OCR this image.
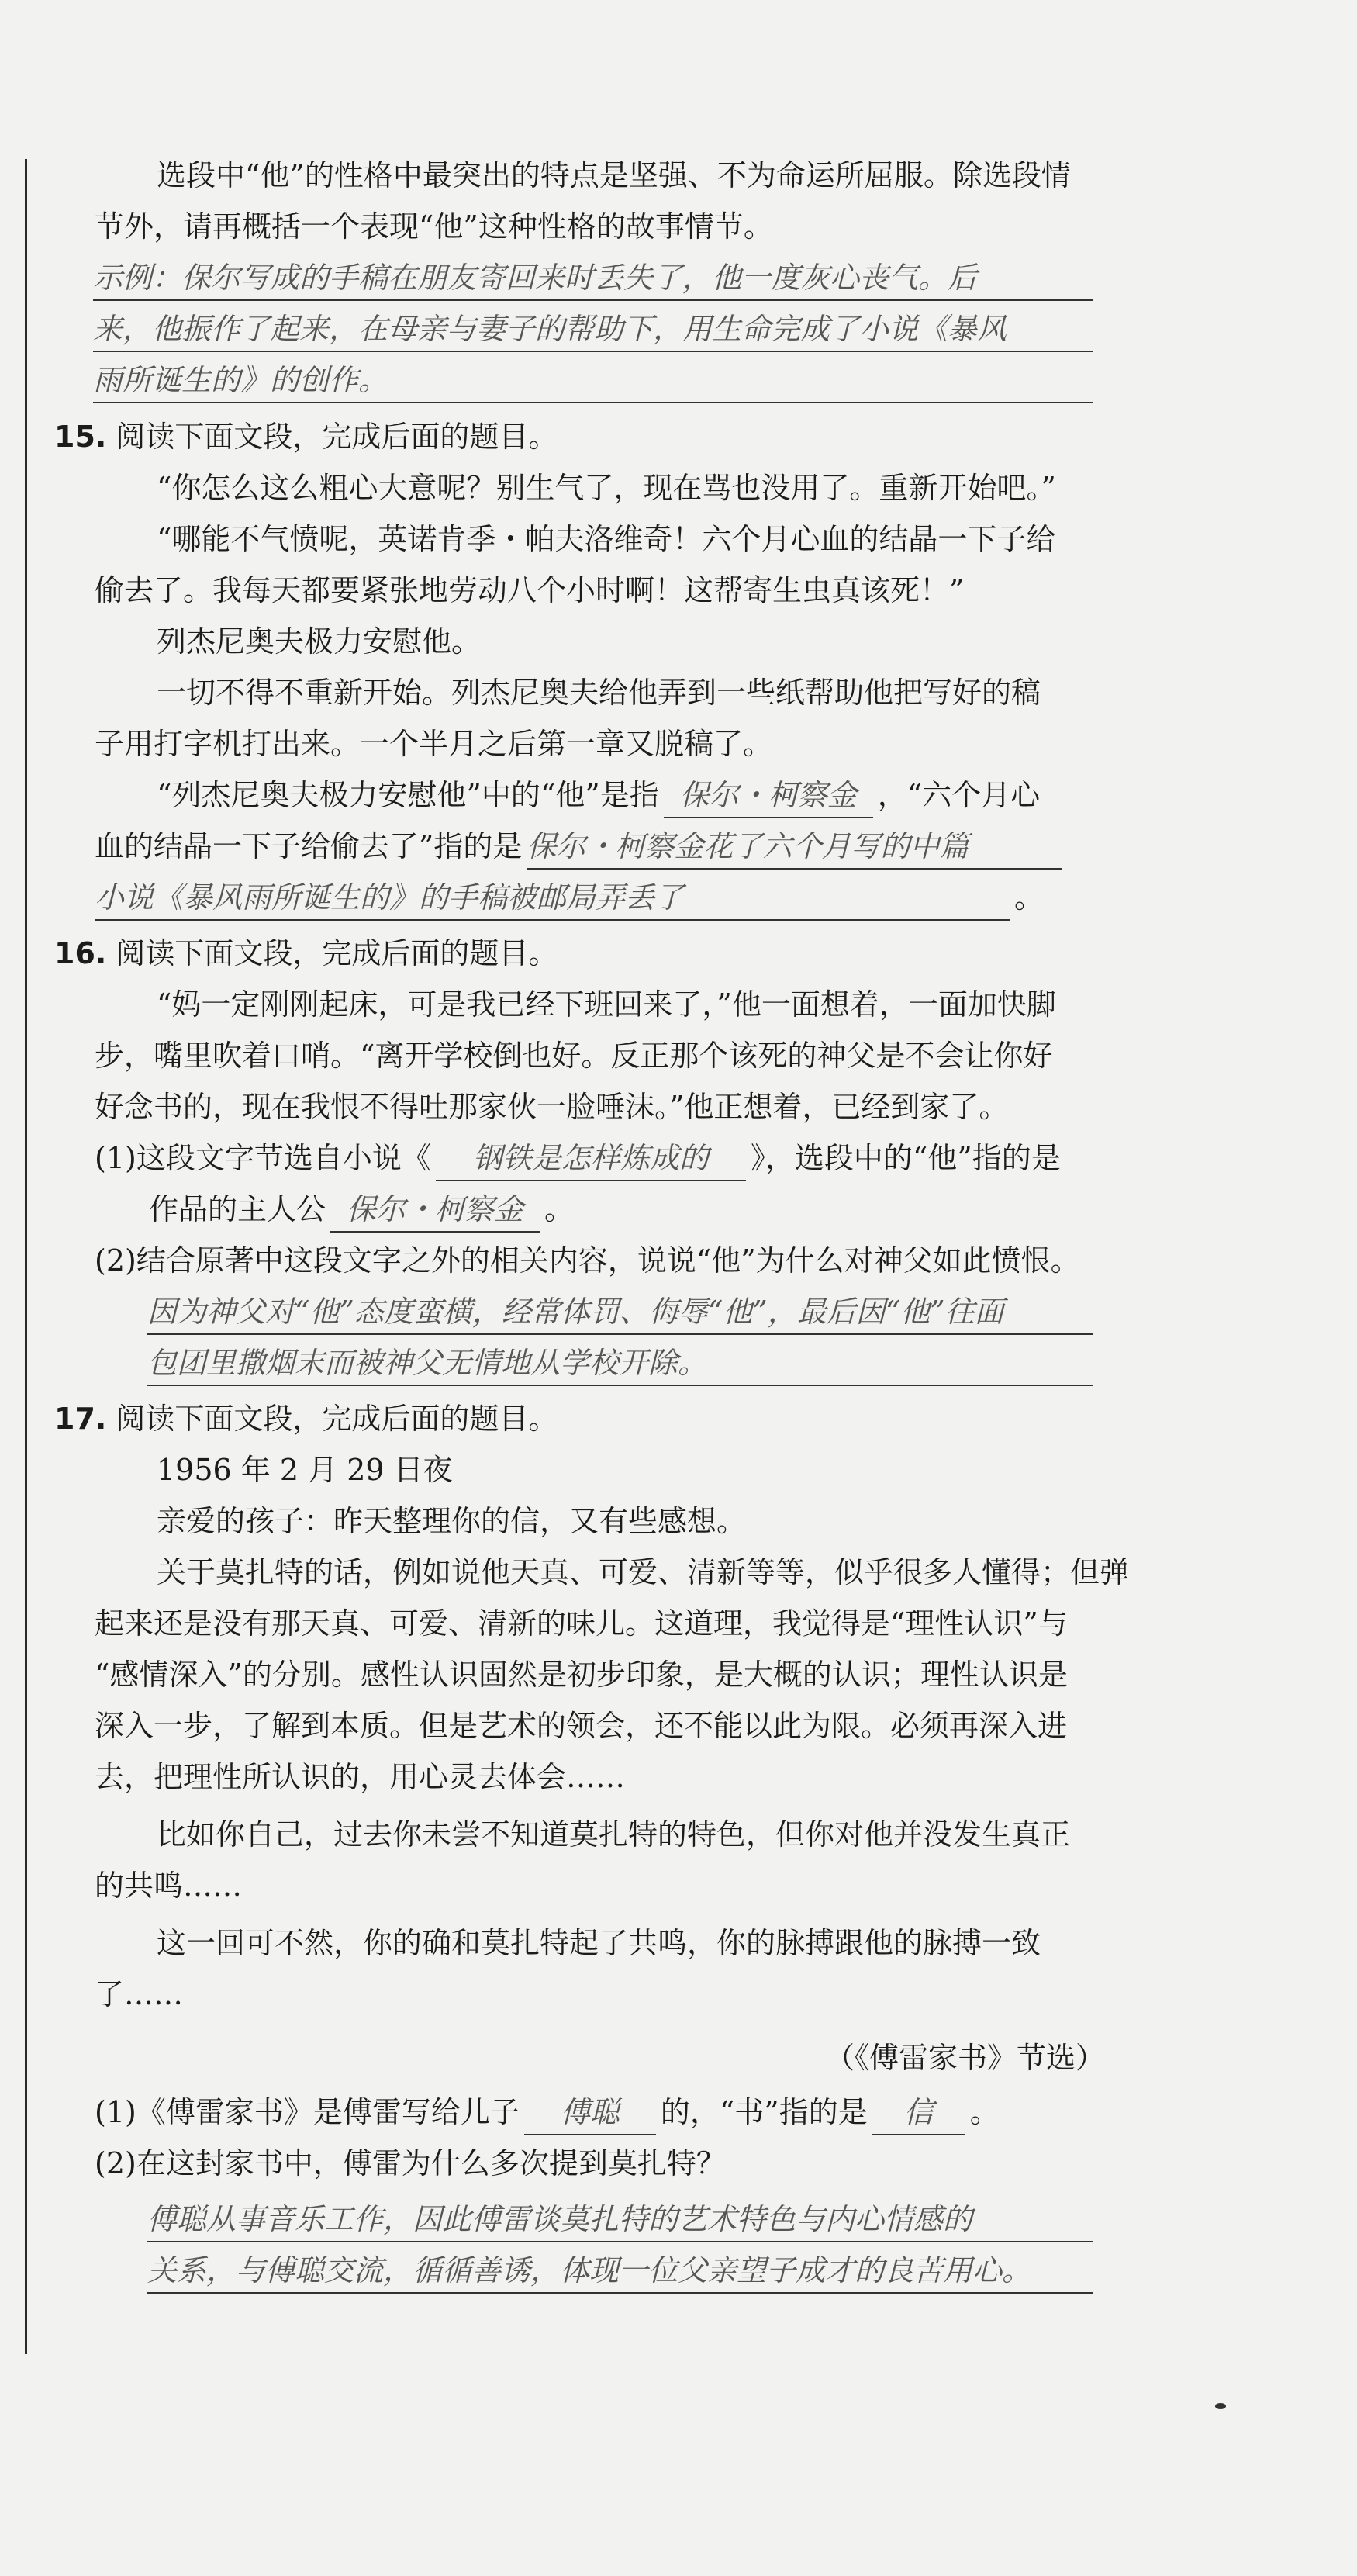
选段中“他”的性格中最突出的特点是坚强、不为命运所屈服。除选段情
节外，请再概括一个表现“他”这种性格的故事情节。
示例：保尔写成的手稿在朋友寄回来时丢失了，他一度灰心丧气。后
来，他振作了起来，在母亲与妻子的帮助下，用生命完成了小说《暴风
雨所诞生的》的创作。
15. 阅读下面文段，完成后面的题目。
“你怎么这么粗心大意呢？别生气了，现在骂也没用了。重新开始吧。”
“哪能不气愤呢，英诺肯季・帕夫洛维奇！六个月心血的结晶一下子给
偷去了。我每天都要紧张地劳动八个小时啊！这帮寄生虫真该死！”
列杰尼奥夫极力安慰他。
一切不得不重新开始。列杰尼奥夫给他弄到一些纸帮助他把写好的稿
子用打字机打出来。一个半月之后第一章又脱稿了。
“列杰尼奥夫极力安慰他”中的“他”是指 保尔・柯察金 ，“六个月心
血的结晶一下子给偷去了”指的是 保尔・柯察金花了六个月写的中篇
小说《暴风雨所诞生的》的手稿被邮局弄丢了	。
16. 阅读下面文段，完成后面的题目。
“妈一定刚刚起床，可是我已经下班回来了，”他一面想着，一面加快脚
步，嘴里吹着口哨。“离开学校倒也好。反正那个该死的神父是不会让你好
好念书的，现在我恨不得吐那家伙一脸唾沫。”他正想着，已经到家了。
(1)这段文字节选自小说《 钢铁是怎样炼成的 》，选段中的“他”指的是
作品的主人公 保尔・柯察金 。
(2)结合原著中这段文字之外的相关内容，说说“他”为什么对神父如此愤恨。
因为神父对“他”态度蛮横，经常体罚、侮辱“他”，最后因“他”往面
包团里撒烟末而被神父无情地从学校开除。
17. 阅读下面文段，完成后面的题目。
1956 年 2 月 29 日夜
亲爱的孩子：昨天整理你的信，又有些感想。
关于莫扎特的话，例如说他天真、可爱、清新等等，似乎很多人懂得；但弹
起来还是没有那天真、可爱、清新的味儿。这道理，我觉得是“理性认识”与
“感情深入”的分别。感性认识固然是初步印象，是大概的认识；理性认识是
深入一步，了解到本质。但是艺术的领会，还不能以此为限。必须再深入进
去，把理性所认识的，用心灵去体会……
比如你自己，过去你未尝不知道莫扎特的特色，但你对他并没发生真正
的共鸣……
这一回可不然，你的确和莫扎特起了共鸣，你的脉搏跟他的脉搏一致
了……
（《傅雷家书》节选）
(1)《傅雷家书》是傅雷写给儿子 傅聪 的，“书”指的是 信 。
(2)在这封家书中，傅雷为什么多次提到莫扎特？
傅聪从事音乐工作，因此傅雷谈莫扎特的艺术特色与内心情感的
关系，与傅聪交流，循循善诱，体现一位父亲望子成才的良苦用心。
